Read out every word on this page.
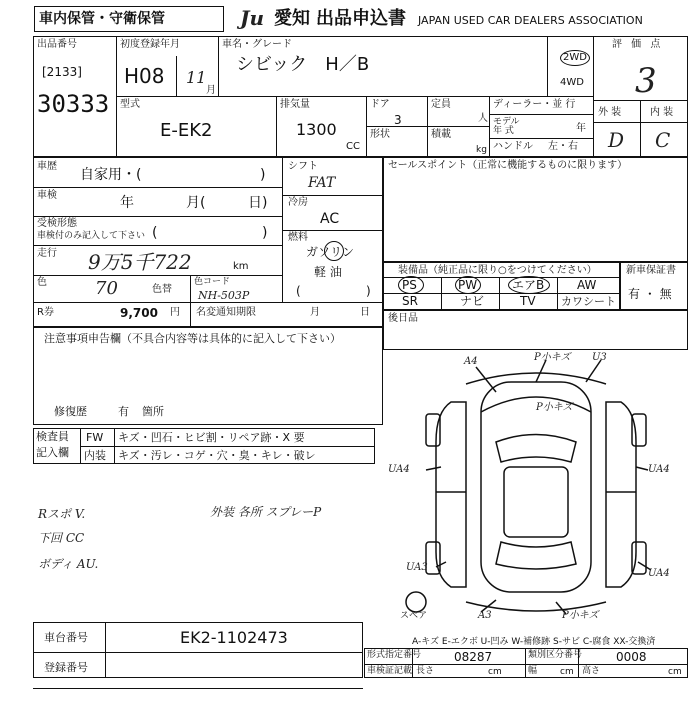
車内保管・守衛保管	Ju 愛知 出品申込書 JAPAN USED CAR DEALERS ASSOCIATION
出品番号
[2133]
30333
初度登録年月
H08 11
月
車名・グレード
シビック　H／B	2WD
4WD
評 価 点
3
外 装	内 装
D C
型式
E-EK2
排気量
1300
CC
ドア
3
形状
定員
人
積載
kg
ディーラー・並 行
モデル
年 式	年
ハンドル 左・右
車歴
自家用・(	)
車検	年	月(	日)
受検形態
車検付のみ記入して下さい (	)
走行 9万5千722	km
色	70	色替
色コード
NH-503P
シフト
FAT
冷房
AC
燃料
ガソリン
軽 油
(	)
R券	9,700 円 名変通知期限	月	日
セールスポイント（正常に機能するものに限ります）
装備品（純正品に限り○をつけてください）
PS	PW	エアB	AW
SR	ナビ	TV カワシート
新車保証書
有 ・ 無
後日品
注意事項申告欄（不具合内容等は具体的に記入して下さい）
修復歴	有 箇所
検査員
記入欄
FW キズ・凹石・ヒビ割・リペア跡・X 要
内装 キズ・汚レ・コゲ・穴・臭・キレ・破レ
Rスポ V.
下回 CC
ボディ AU.
外装 各所 スプレーP
A4	P小キズ U3
P小キズ
UA4	UA4
UA3
UA4
A3	P小キズ
スペア
A-キズ E-エクボ U-凹み W-補修跡 S-サビ C-腐食 XX-交換済
車台番号	EK2-1102473
登録番号
形式指定番号	08287	類別区分番号	0008
車検証記載 長さ	cm	幅	cm 高さ	cm
